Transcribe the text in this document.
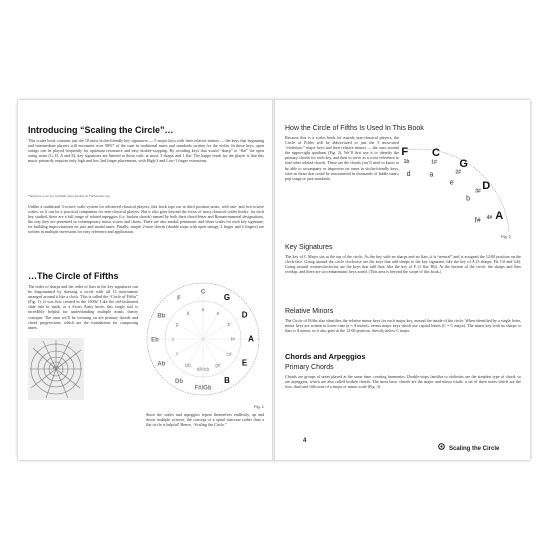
Introducing “Scaling the Circle”…
This scales book contains just the 10 most violin-friendly key signatures — 5 major keys with their relative minors — the keys that beginning and intermediate players will encounter over 98%* of the tune in traditional tunes and standards written for the violin. In these keys, open strings can be played frequently for optimum resonance and easy double-stopping. By avoiding keys that would “sharp” or “flat” the open string notes (G, D, A and E), key signatures are limited to those with, at most, 5 sharps and 1 flat. The happy result for the player is that this music primarily requires only high and low 2nd finger placements, with High-3 and Low-1 finger extensions.
*based on a survey of fiddle tunes posted on TheSession.org
Unlike a traditional 3-octave scale system for advanced classical players, this book tops out at third position notes, with one- and two-octave scales, so it can be a practical companion for non-classical players. But it also goes beyond the focus of most classical scales books: for each key studied, there are a full range of related arpeggios (i.e. broken chords) named by both their chord-letter and Roman-numeral designations, the way they are presented in contemporary music scores and charts. There are also modal, pentatonic and blues scales for each key signature, for building improvisations on jazz and modal tunes. Finally, simple 2-note chords (double stops with open strings, 1 finger and 2 fingers) are written in multiple inversions for easy reference and application.
…The Circle of Fifths
The order of sharps and the order of flats in the key signatures can be diagrammed by drawing a circle with all 12 note-names arranged around it like a clock. This is called the “Circle of Fifths” (Fig. 1). It was first created in the 1600s! Like the old-fashioned slide rule in math, or a Swiss Army knife, this single tool is incredibly helpful for understanding multiple music theory concepts. The ones we’ll be focusing on are primary chords and chord progressions, which are the foundations for composing tunes.
C
a
G
e	D
b
A
f#
E
c#
B
g#
F#/Gb
d#/eb
Db
bb
Ab
f
Eb	c
Bb
g
F
d
Fig. 1
Since the scales and arpeggios repeat themselves endlessly, up and down multiple octaves, the concept of a spiral staircase rather than a flat circle is helpful! Hence, “Scaling the Circle.”
How the Circle of Fifths Is Used In This Book
Because this is a scales book for mainly non-classical players, the Circle of Fifths will be abbreviated to just the 5 most-used “violinistic” major keys and their relative minors — the ones around the upper-right quadrant (Fig. 2). We’ll first use it to identify the primary chords for each key, and then to serve as a cross-reference to find other related chords. These are the chords you’ll need to know to be able to accompany or improvise on tunes in violin-friendly keys, such as those that could be encountered in thousands of fiddle tunes, pop songs or jazz standards.
F
d
1b
C
a
1# G
e
2#
D
b
3#
A
f# 4#
Fig. 2
Key Signatures
The key of C Major sits at the top of the circle. As the key with no sharps and no flats, it is “neutral” and is assigned the 12:00 position on the clock-face. Going around the circle clockwise are the keys that add sharps to the key signature, like the key of A (3 sharps: F#, C# and G#). Going around counterclockwise are the keys that add flats, like the key of F (1 flat: Bb). At the bottom of the circle, the sharps and flats overlap, and there are two enharmonic keys noted. (This area is beyond the scope of this book.)
Relative Minors
The Circle of Fifths also identifies the relative minor keys for each major key, around the inside of the circle. When identified by a single letter, minor keys are written in lower-case (a = A minor), versus major keys which use capital letters (C = C major). The minor key with no sharps or flats is A minor, so it also goes at the 12:00 position, directly below C major.
Chords and Arpeggios
Primary Chords
Chords are groups of notes played at the same time, creating harmonies. Double-stops familiar to violinists are the simplest type of chord; so are arpeggios, which are also called broken chords. The most basic chords are the major and minor triads: a set of three notes which are the first, third and fifth note of a major or minor scale (Fig. 3).
4
Scaling the Circle
